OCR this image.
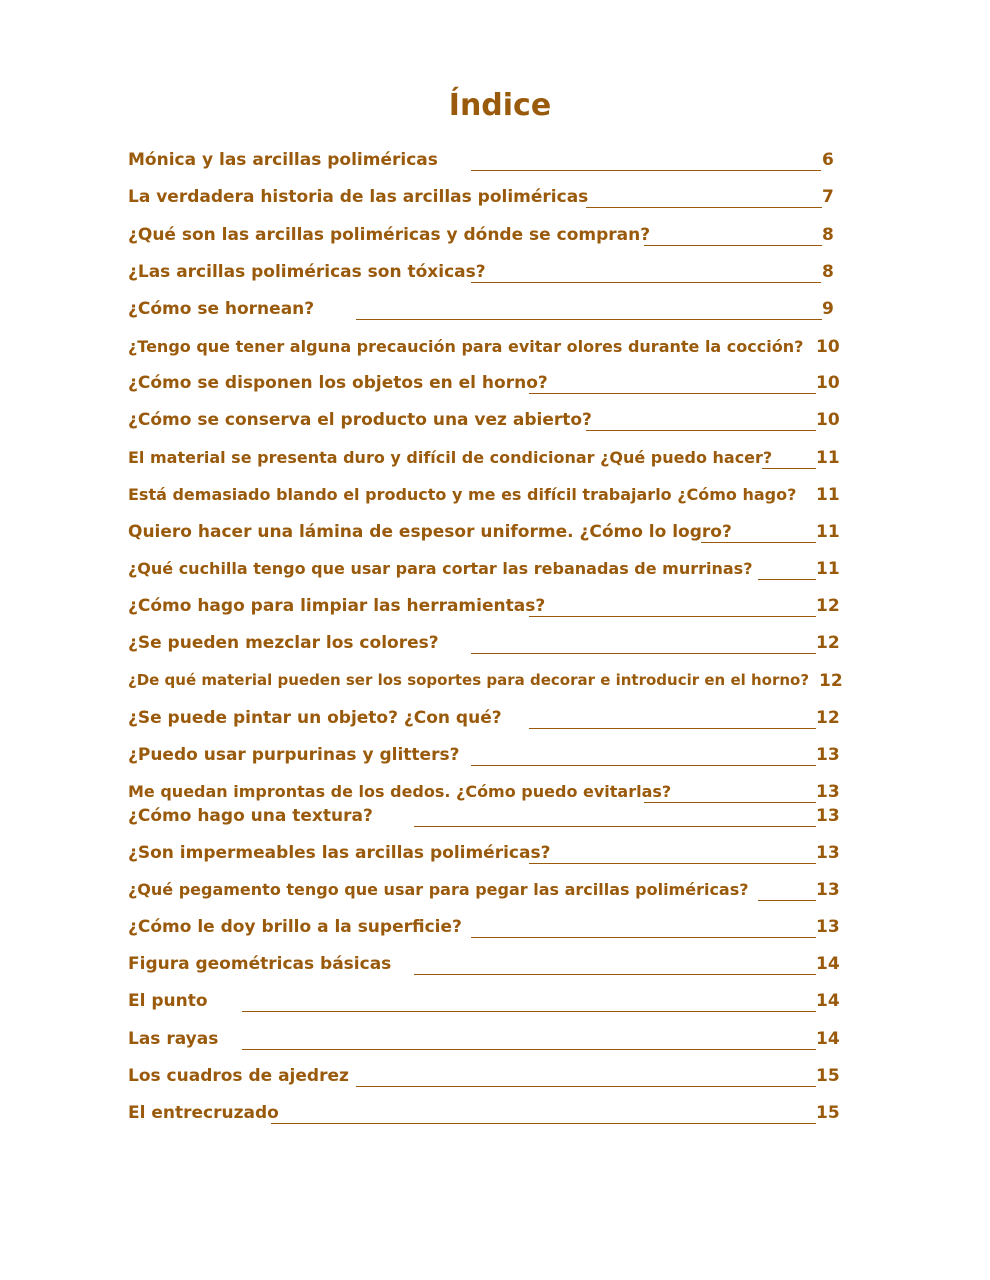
Índice
Mónica y las arcillas poliméricas	6
La verdadera historia de las arcillas poliméricas	7
¿Qué son las arcillas poliméricas y dónde se compran?	8
¿Las arcillas poliméricas son tóxicas?	8
¿Cómo se hornean?	9
¿Tengo que tener alguna precaución para evitar olores durante la cocción? 10
¿Cómo se disponen los objetos en el horno?	10
¿Cómo se conserva el producto una vez abierto?	10
El material se presenta duro y difícil de condicionar ¿Qué puedo hacer?	11
Está demasiado blando el producto y me es difícil trabajarlo ¿Cómo hago? 11
Quiero hacer una lámina de espesor uniforme. ¿Cómo lo logro?	11
¿Qué cuchilla tengo que usar para cortar las rebanadas de murrinas?	11
¿Cómo hago para limpiar las herramientas?	12
¿Se pueden mezclar los colores?	12
¿De qué material pueden ser los soportes para decorar e introducir en el horno? 12
¿Se puede pintar un objeto? ¿Con qué?	12
¿Puedo usar purpurinas y glitters?	13
Me quedan improntas de los dedos. ¿Cómo puedo evitarlas?	13
¿Cómo hago una textura?	13
¿Son impermeables las arcillas poliméricas?	13
¿Qué pegamento tengo que usar para pegar las arcillas poliméricas?	13
¿Cómo le doy brillo a la superficie?	13
Figura geométricas básicas	14
El punto	14
Las rayas	14
Los cuadros de ajedrez	15
El entrecruzado	15
